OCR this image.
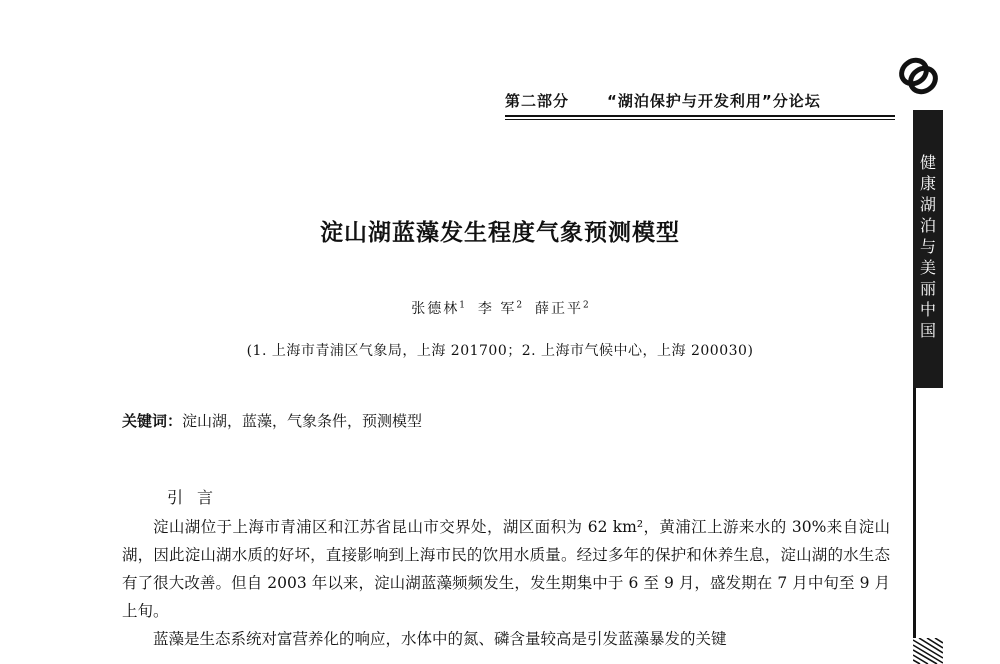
第二部分	“湖泊保护与开发利用”分论坛
健康湖泊与美丽中国
淀山湖蓝藻发生程度气象预测模型
张德林$^1$ 李 军$^2$ 薛正平$^2$
(1. 上海市青浦区气象局，上海 201700；2. 上海市气候中心，上海 200030)
关键词：淀山湖，蓝藻，气象条件，预测模型
引言

淀山湖位于上海市青浦区和江苏省昆山市交界处，湖区面积为 62 km²，黄浦江上游来水的 30%来自淀山湖，因此淀山湖水质的好坏，直接影响到上海市民的饮用水质量。经过多年的保护和休养生息，淀山湖的水生态有了很大改善。但自 2003 年以来，淀山湖蓝藻频频发生，发生期集中于 6 至 9 月，盛发期在 7 月中旬至 9 月上旬。

蓝藻是生态系统对富营养化的响应，水体中的氮、磷含量较高是引发蓝藻暴发的关键
